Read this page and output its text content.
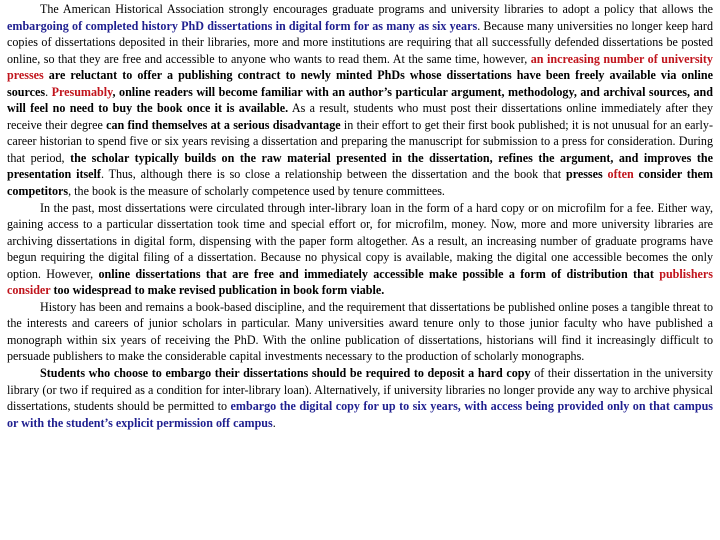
The American Historical Association strongly encourages graduate programs and university libraries to adopt a policy that allows the embargoing of completed history PhD dissertations in digital form for as many as six years. Because many universities no longer keep hard copies of dissertations deposited in their libraries, more and more institutions are requiring that all successfully defended dissertations be posted online, so that they are free and accessible to anyone who wants to read them. At the same time, however, an increasing number of university presses are reluctant to offer a publishing contract to newly minted PhDs whose dissertations have been freely available via online sources. Presumably, online readers will become familiar with an author’s particular argument, methodology, and archival sources, and will feel no need to buy the book once it is available. As a result, students who must post their dissertations online immediately after they receive their degree can find themselves at a serious disadvantage in their effort to get their first book published; it is not unusual for an early-career historian to spend five or six years revising a dissertation and preparing the manuscript for submission to a press for consideration. During that period, the scholar typically builds on the raw material presented in the dissertation, refines the argument, and improves the presentation itself. Thus, although there is so close a relationship between the dissertation and the book that presses often consider them competitors, the book is the measure of scholarly competence used by tenure committees.

In the past, most dissertations were circulated through inter-library loan in the form of a hard copy or on microfilm for a fee. Either way, gaining access to a particular dissertation took time and special effort or, for microfilm, money. Now, more and more university libraries are archiving dissertations in digital form, dispensing with the paper form altogether. As a result, an increasing number of graduate programs have begun requiring the digital filing of a dissertation. Because no physical copy is available, making the digital one accessible becomes the only option. However, online dissertations that are free and immediately accessible make possible a form of distribution that publishers consider too widespread to make revised publication in book form viable.

History has been and remains a book-based discipline, and the requirement that dissertations be published online poses a tangible threat to the interests and careers of junior scholars in particular. Many universities award tenure only to those junior faculty who have published a monograph within six years of receiving the PhD. With the online publication of dissertations, historians will find it increasingly difficult to persuade publishers to make the considerable capital investments necessary to the production of scholarly monographs.

Students who choose to embargo their dissertations should be required to deposit a hard copy of their dissertation in the university library (or two if required as a condition for inter-library loan). Alternatively, if university libraries no longer provide any way to archive physical dissertations, students should be permitted to embargo the digital copy for up to six years, with access being provided only on that campus or with the student’s explicit permission off campus.
